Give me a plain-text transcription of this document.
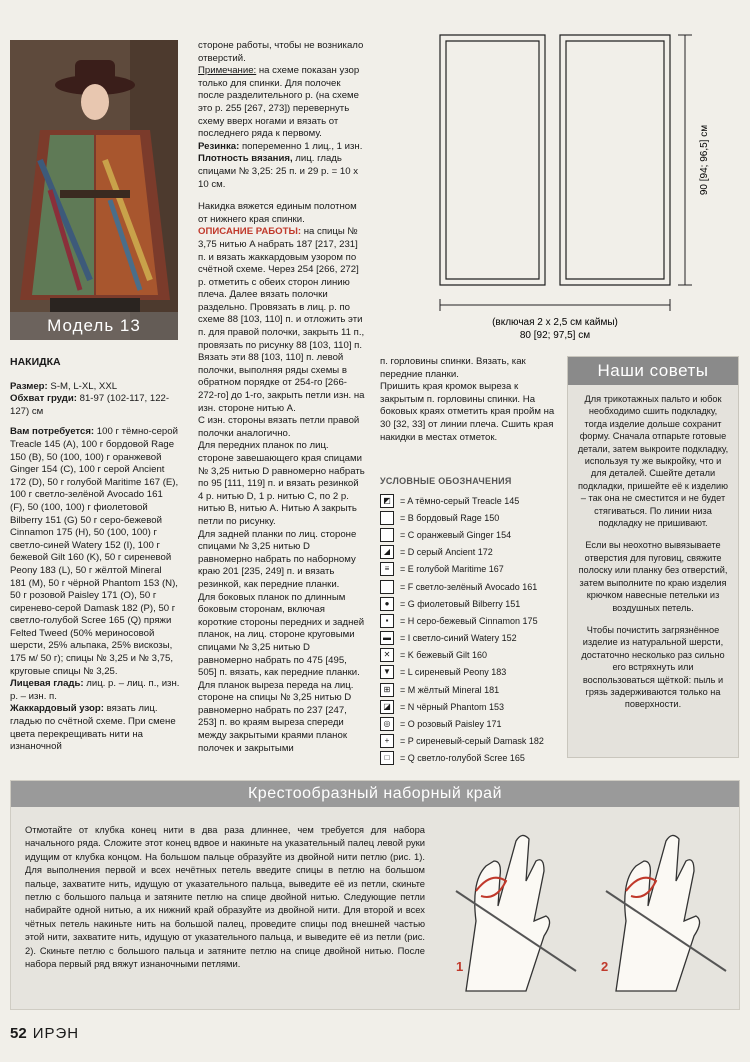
Модель 13

НАКИДКА

Размер: S-M, L-XL, XXL

Обхват груди: 81-97 (102-117, 122-127) см

Вам потребуется: 100 г тёмно-серой Treacle 145 (A), 100 г бордовой Rage 150 (B), 50 (100, 100) г оранжевой Ginger 154 (C), 100 г серой Ancient 172 (D), 50 г голубой Maritime 167 (E), 100 г светло-зелёной Avocado 161 (F), 50 (100, 100) г фиолетовой Bilberry 151 (G) 50 г серо-бежевой Cinnamon 175 (H), 50 (100, 100) г светло-синей Watery 152 (I), 100 г бежевой Gilt 160 (K), 50 г сиреневой Peony 183 (L), 50 г жёлтой Mineral 181 (M), 50 г чёрной Phantom 153 (N), 50 г розовой Paisley 171 (O), 50 г сиренево-серой Damask 182 (P), 50 г светло-голубой Scree 165 (Q) пряжи Felted Tweed (50% мериносовой шерсти, 25% альпака, 25% вискозы, 175 м/ 50 г); спицы № 3,25 и № 3,75, круговые спицы № 3,25.

Лицевая гладь: лиц. р. – лиц. п., изн. р. – изн. п.

Жаккардовый узор: вязать лиц. гладью по счётной схеме. При смене цвета перекрещивать нити на изнаночной

стороне работы, чтобы не возникало отверстий.

Примечание: на схеме показан узор только для спинки. Для полочек после разделительного р. (на схеме это р. 255 [267, 273]) перевернуть схему вверх ногами и вязать от последнего ряда к первому.

Резинка: попеременно 1 лиц., 1 изн.

Плотность вязания, лиц. гладь спицами № 3,25: 25 п. и 29 р. = 10 х 10 см.

Накидка вяжется единым полотном от нижнего края спинки.

ОПИСАНИЕ РАБОТЫ: на спицы № 3,75 нитью A набрать 187 [217, 231] п. и вязать жаккардовым узором по счётной схеме. Через 254 [266, 272] р. отметить с обеих сторон линию плеча. Далее вязать полочки раздельно. Провязать в лиц. р. по схеме 88 [103, 110] п. и отложить эти п. для правой полочки, закрыть 11 п., провязать по рисунку 88 [103, 110] п. Вязать эти 88 [103, 110] п. левой полочки, выполняя ряды схемы в обратном порядке от 254-го [266-272-го] до 1-го, закрыть петли изн. на изн. стороне нитью A.

С изн. стороны вязать петли правой полочки аналогично.

Для передних планок по лиц. стороне завешающего края спицами № 3,25 нитью D равномерно набрать по 95 [111, 119] п. и вязать резинкой 4 р. нитью D, 1 р. нитью C, по 2 р. нитью B, нитью A. Нитью A закрыть петли по рисунку.

Для задней планки по лиц. стороне спицами № 3,25 нитью D равномерно набрать по наборному краю 201 [235, 249] п. и вязать резинкой, как передние планки.

Для боковых планок по длинным боковым сторонам, включая короткие стороны передних и задней планок, на лиц. стороне круговыми спицами № 3,25 нитью D равномерно набрать по 475 [495, 505] п. вязать, как передние планки.

Для планок выреза переда на лиц. стороне на спицы № 3,25 нитью D равномерно набрать по 237 [247, 253] п. во краям выреза спереди между закрытыми краями планок полочек и закрытыми

п. горловины спинки. Вязать, как передние планки.

Пришить края кромок выреза к закрытым п. горловины спинки. На боковых краях отметить края пройм на 30 [32, 33] от линии плеча. Сшить края накидки в местах отметок.

УСЛОВНЫЕ ОБОЗНАЧЕНИЯ
◩	= A тёмно-серый Treacle 145
= B бордовый Rage 150
= C оранжевый Ginger 154
◢	= D серый Ancient 172
≡	= E голубой Maritime 167
= F светло-зелёный Avocado 161
●	= G фиолетовый Bilberry 151
▪	= H серо-бежевый Cinnamon 175
▬	= I светло-синий Watery 152
✕	= K бежевый Gilt 160
▼	= L сиреневый Peony 183
⊞	= M жёлтый Mineral 181
◪	= N чёрный Phantom 153
◎	= O розовый Paisley 171
+	= P сиреневый-серый Damask 182
□	= Q светло-голубой Scree 165
90 [94; 96,5] см
(включая 2 х 2,5 см каймы)
80 [92; 97,5] см
Наши советы

Для трикотажных пальто и юбок необходимо сшить подкладку, тогда изделие дольше сохранит форму. Сначала отпарьте готовые детали, затем выкроите подкладку, используя ту же выкройку, что и для деталей. Сшейте детали подкладки, пришейте её к изделию – так она не сместится и не будет стягиваться. По линии низа подкладку не пришивают.

Если вы неохотно вывязываете отверстия для пуговиц, свяжите полоску или планку без отверстий, затем выполните по краю изделия крючком навесные петельки из воздушных петель.

Чтобы почистить загрязнённое изделие из натуральной шерсти, достаточно несколько раз сильно его встряхнуть или воспользоваться щёткой: пыль и грязь задерживаются только на поверхности.

Крестообразный наборный край
Отмотайте от клубка конец нити в два раза длиннее, чем требуется для набора начального ряда. Сложите этот конец вдвое и накиньте на указательный палец левой руки идущим от клубка концом. На большом пальце образуйте из двойной нити петлю (рис. 1). Для выполнения первой и всех нечётных петель введите спицы в петлю на большом пальце, захватите нить, идущую от указательного пальца, выведите её из петли, скиньте петлю с большого пальца и затяните петлю на спице двойной нитью. Следующие петли набирайте одной нитью, а их нижний край образуйте из двойной нити. Для второй и всех чётных петель накиньте нить на большой палец, проведите спицы под внешней частью этой нити, захватите нить, идущую от указательного пальца, и выведите её из петли (рис. 2). Скиньте петлю с большого пальца и затяните петлю на спице двойной нитью. После набора первый ряд вяжут изнаночными петлями.	1	2
52 ИРЭН
